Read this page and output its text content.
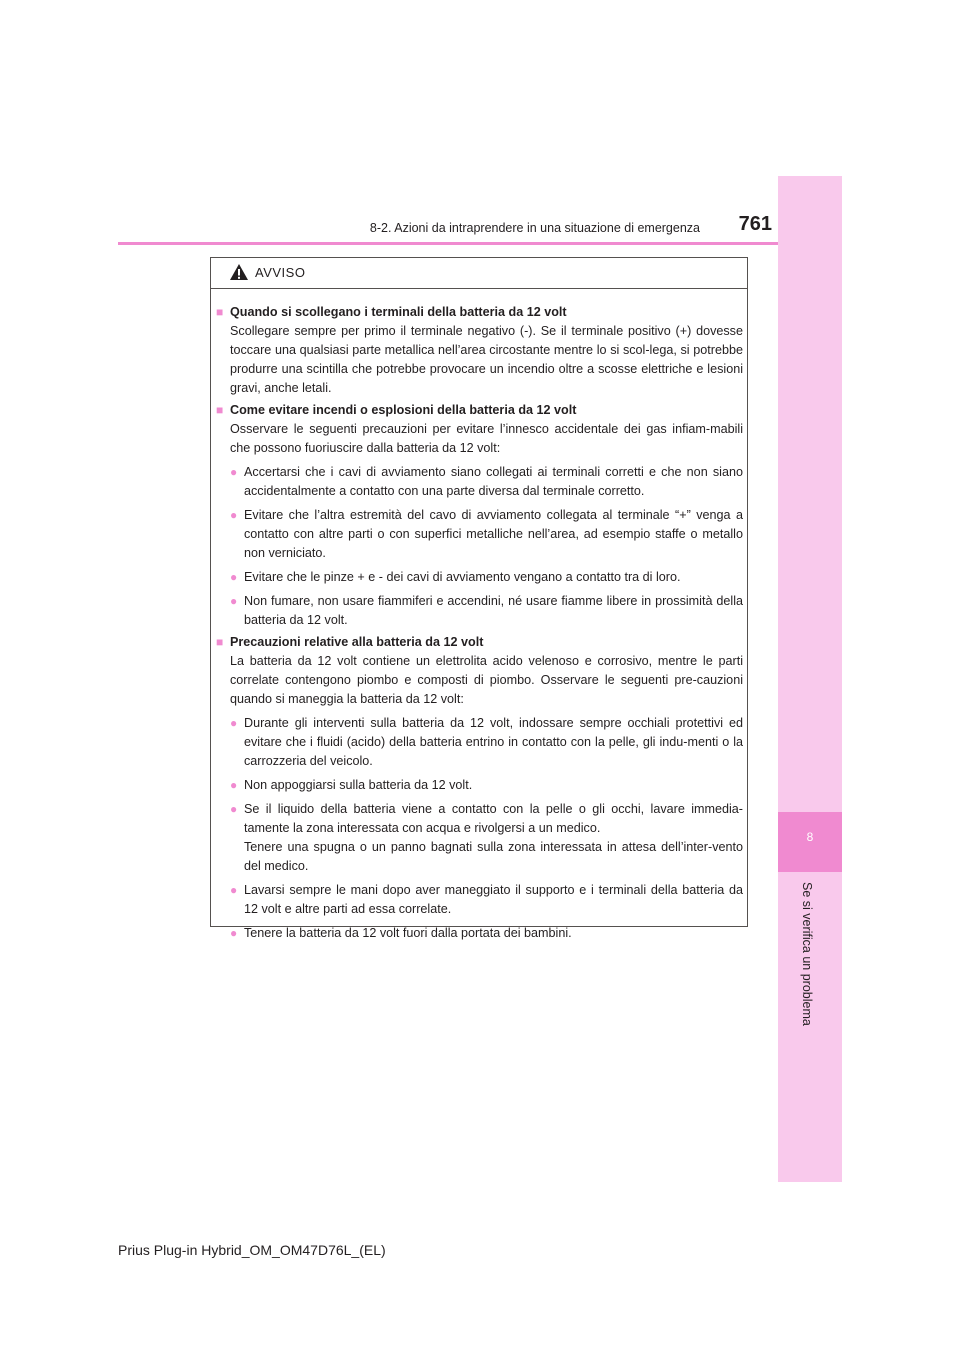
8-2. Azioni da intraprendere in una situazione di emergenza	761
8
Se si verifica un problema
AVVISO
■ Quando si scollegano i terminali della batteria da 12 volt
Scollegare sempre per primo il terminale negativo (-). Se il terminale positivo (+) dovesse toccare una qualsiasi parte metallica nell’area circostante mentre lo si scol-lega, si potrebbe produrre una scintilla che potrebbe provocare un incendio oltre a scosse elettriche e lesioni gravi, anche letali.
■ Come evitare incendi o esplosioni della batteria da 12 volt
Osservare le seguenti precauzioni per evitare l’innesco accidentale dei gas infiam-mabili che possono fuoriuscire dalla batteria da 12 volt:
● Accertarsi che i cavi di avviamento siano collegati ai terminali corretti e che non siano accidentalmente a contatto con una parte diversa dal terminale corretto.
● Evitare che l’altra estremità del cavo di avviamento collegata al terminale “+” venga a contatto con altre parti o con superfici metalliche nell’area, ad esempio staffe o metallo non verniciato.
● Evitare che le pinze + e - dei cavi di avviamento vengano a contatto tra di loro.
● Non fumare, non usare fiammiferi e accendini, né usare fiamme libere in prossimità della batteria da 12 volt.
■ Precauzioni relative alla batteria da 12 volt
La batteria da 12 volt contiene un elettrolita acido velenoso e corrosivo, mentre le parti correlate contengono piombo e composti di piombo. Osservare le seguenti pre-cauzioni quando si maneggia la batteria da 12 volt:
● Durante gli interventi sulla batteria da 12 volt, indossare sempre occhiali protettivi ed evitare che i fluidi (acido) della batteria entrino in contatto con la pelle, gli indu-menti o la carrozzeria del veicolo.
● Non appoggiarsi sulla batteria da 12 volt.
● Se il liquido della batteria viene a contatto con la pelle o gli occhi, lavare immedia-tamente la zona interessata con acqua e rivolgersi a un medico.
Tenere una spugna o un panno bagnati sulla zona interessata in attesa dell’inter-vento del medico.
● Lavarsi sempre le mani dopo aver maneggiato il supporto e i terminali della batteria da 12 volt e altre parti ad essa correlate.
● Tenere la batteria da 12 volt fuori dalla portata dei bambini.
Prius Plug-in Hybrid_OM_OM47D76L_(EL)
